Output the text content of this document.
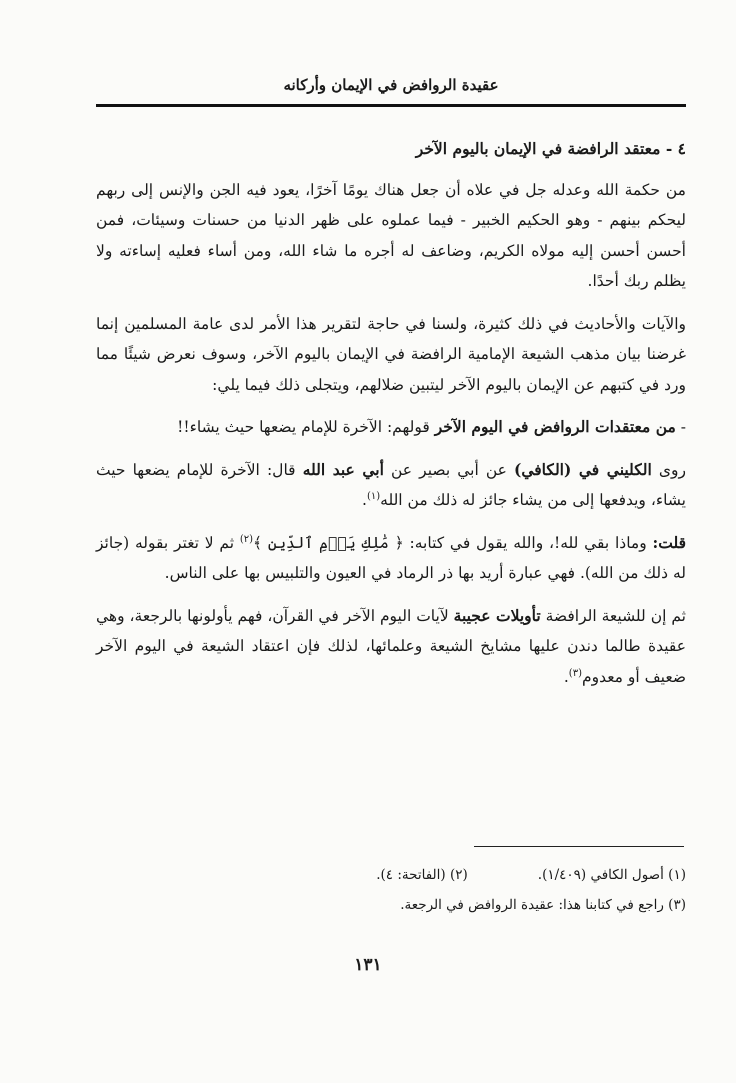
عقيدة الروافض في الإيمان وأركانه

٤ - معتقد الرافضة في الإيمان باليوم الآخر

من حكمة الله وعدله جل في علاه أن جعل هناك يومًا آخرًا، يعود فيه الجن والإنس إلى ربهم ليحكم بينهم - وهو الحكيم الخبير - فيما عملوه على ظهر الدنيا من حسنات وسيئات، فمن أحسن أحسن إليه مولاه الكريم، وضاعف له أجره ما شاء الله، ومن أساء فعليه إساءته ولا يظلم ربك أحدًا.

والآيات والأحاديث في ذلك كثيرة، ولسنا في حاجة لتقرير هذا الأمر لدى عامة المسلمين إنما غرضنا بيان مذهب الشيعة الإمامية الرافضة في الإيمان باليوم الآخر، وسوف نعرض شيئًا مما ورد في كتبهم عن الإيمان باليوم الآخر ليتبين ضلالهم، ويتجلى ذلك فيما يلي:

- من معتقدات الروافض في اليوم الآخر قولهم: الآخرة للإمام يضعها حيث يشاء!!

روى الكليني في (الكافي) عن أبي بصير عن أبي عبد الله قال: الآخرة للإمام يضعها حيث يشاء، ويدفعها إلى من يشاء جائز له ذلك من الله$^{(١)}$.

قلت: وماذا بقي لله!، والله يقول في كتابه: ﴿ مَٰلِكِ يَوۡمِ ٱلدِّينِ ﴾$^{(٢)}$ ثم لا تغتر بقوله (جائز له ذلك من الله). فهي عبارة أريد بها ذر الرماد في العيون والتلبيس بها على الناس.

ثم إن للشيعة الرافضة تأويلات عجيبة لآيات اليوم الآخر في القرآن، فهم يأولونها بالرجعة، وهي عقيدة طالما دندن عليها مشايخ الشيعة وعلمائها، لذلك فإن اعتقاد الشيعة في اليوم الآخر ضعيف أو معدوم$^{(٣)}$.

(١) أصول الكافي (١/٤٠٩).
(٢) (الفاتحة: ٤).
(٣) راجع في كتابنا هذا: عقيدة الروافض في الرجعة.
١٣١
